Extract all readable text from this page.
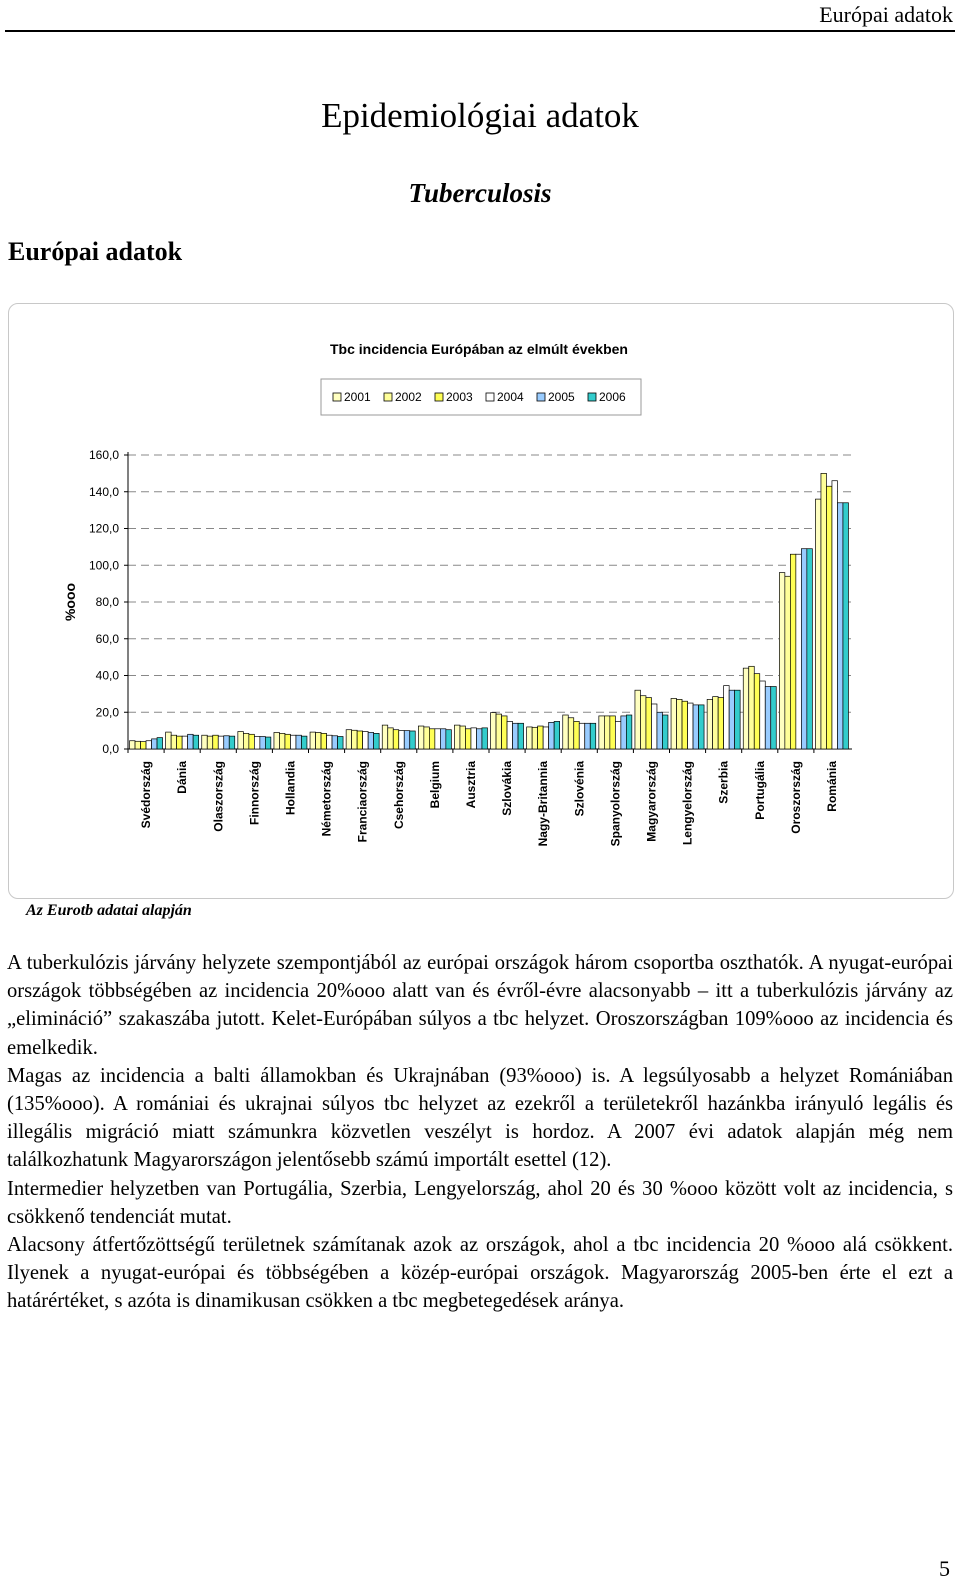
Európai adatok
Epidemiológiai adatok
Tuberculosis
Európai adatok
Tbc incidencia Európában az elmúlt években
2001 2002 2003 2004 2005 2006
0,0
20,0
40,0
60,0
80,0
100,0
120,0
140,0
160,0
%ooo
Svédország Dánia Olaszország Finnország Hollandia Németország Franciaország Csehország Belgium Ausztria Szlovákia Nagy-Britannia Szlovénia Spanyolország Magyarország Lengyelország Szerbia Portugália Oroszország Románia
Az Eurotb adatai alapján

A tuberkulózis járvány helyzete szempontjából az európai országok három csoportba oszthatók. A nyugat-európai országok többségében az incidencia 20%ooo alatt van és évről-évre alacsonyabb – itt a tuberkulózis járvány az „elimináció” szakaszába jutott. Kelet-Európában súlyos a tbc helyzet. Oroszországban 109%ooo az incidencia és emelkedik.

Magas az incidencia a balti államokban és Ukrajnában (93%ooo) is. A legsúlyosabb a helyzet Romániában (135%ooo). A romániai és ukrajnai súlyos tbc helyzet az ezekről a területekről hazánkba irányuló legális és illegális migráció miatt számunkra közvetlen veszélyt is hordoz. A 2007 évi adatok alapján még nem találkozhatunk Magyarországon jelentősebb számú importált esettel (12).

Intermedier helyzetben van Portugália, Szerbia, Lengyelország, ahol 20 és 30 %ooo között volt az incidencia, s csökkenő tendenciát mutat.

Alacsony átfertőzöttségű területnek számítanak azok az országok, ahol a tbc incidencia 20 %ooo alá csökkent. Ilyenek a nyugat-európai és többségében a közép-európai országok. Magyarország 2005-ben érte el ezt a határértéket, s azóta is dinamikusan csökken a tbc megbetegedések aránya.

5
